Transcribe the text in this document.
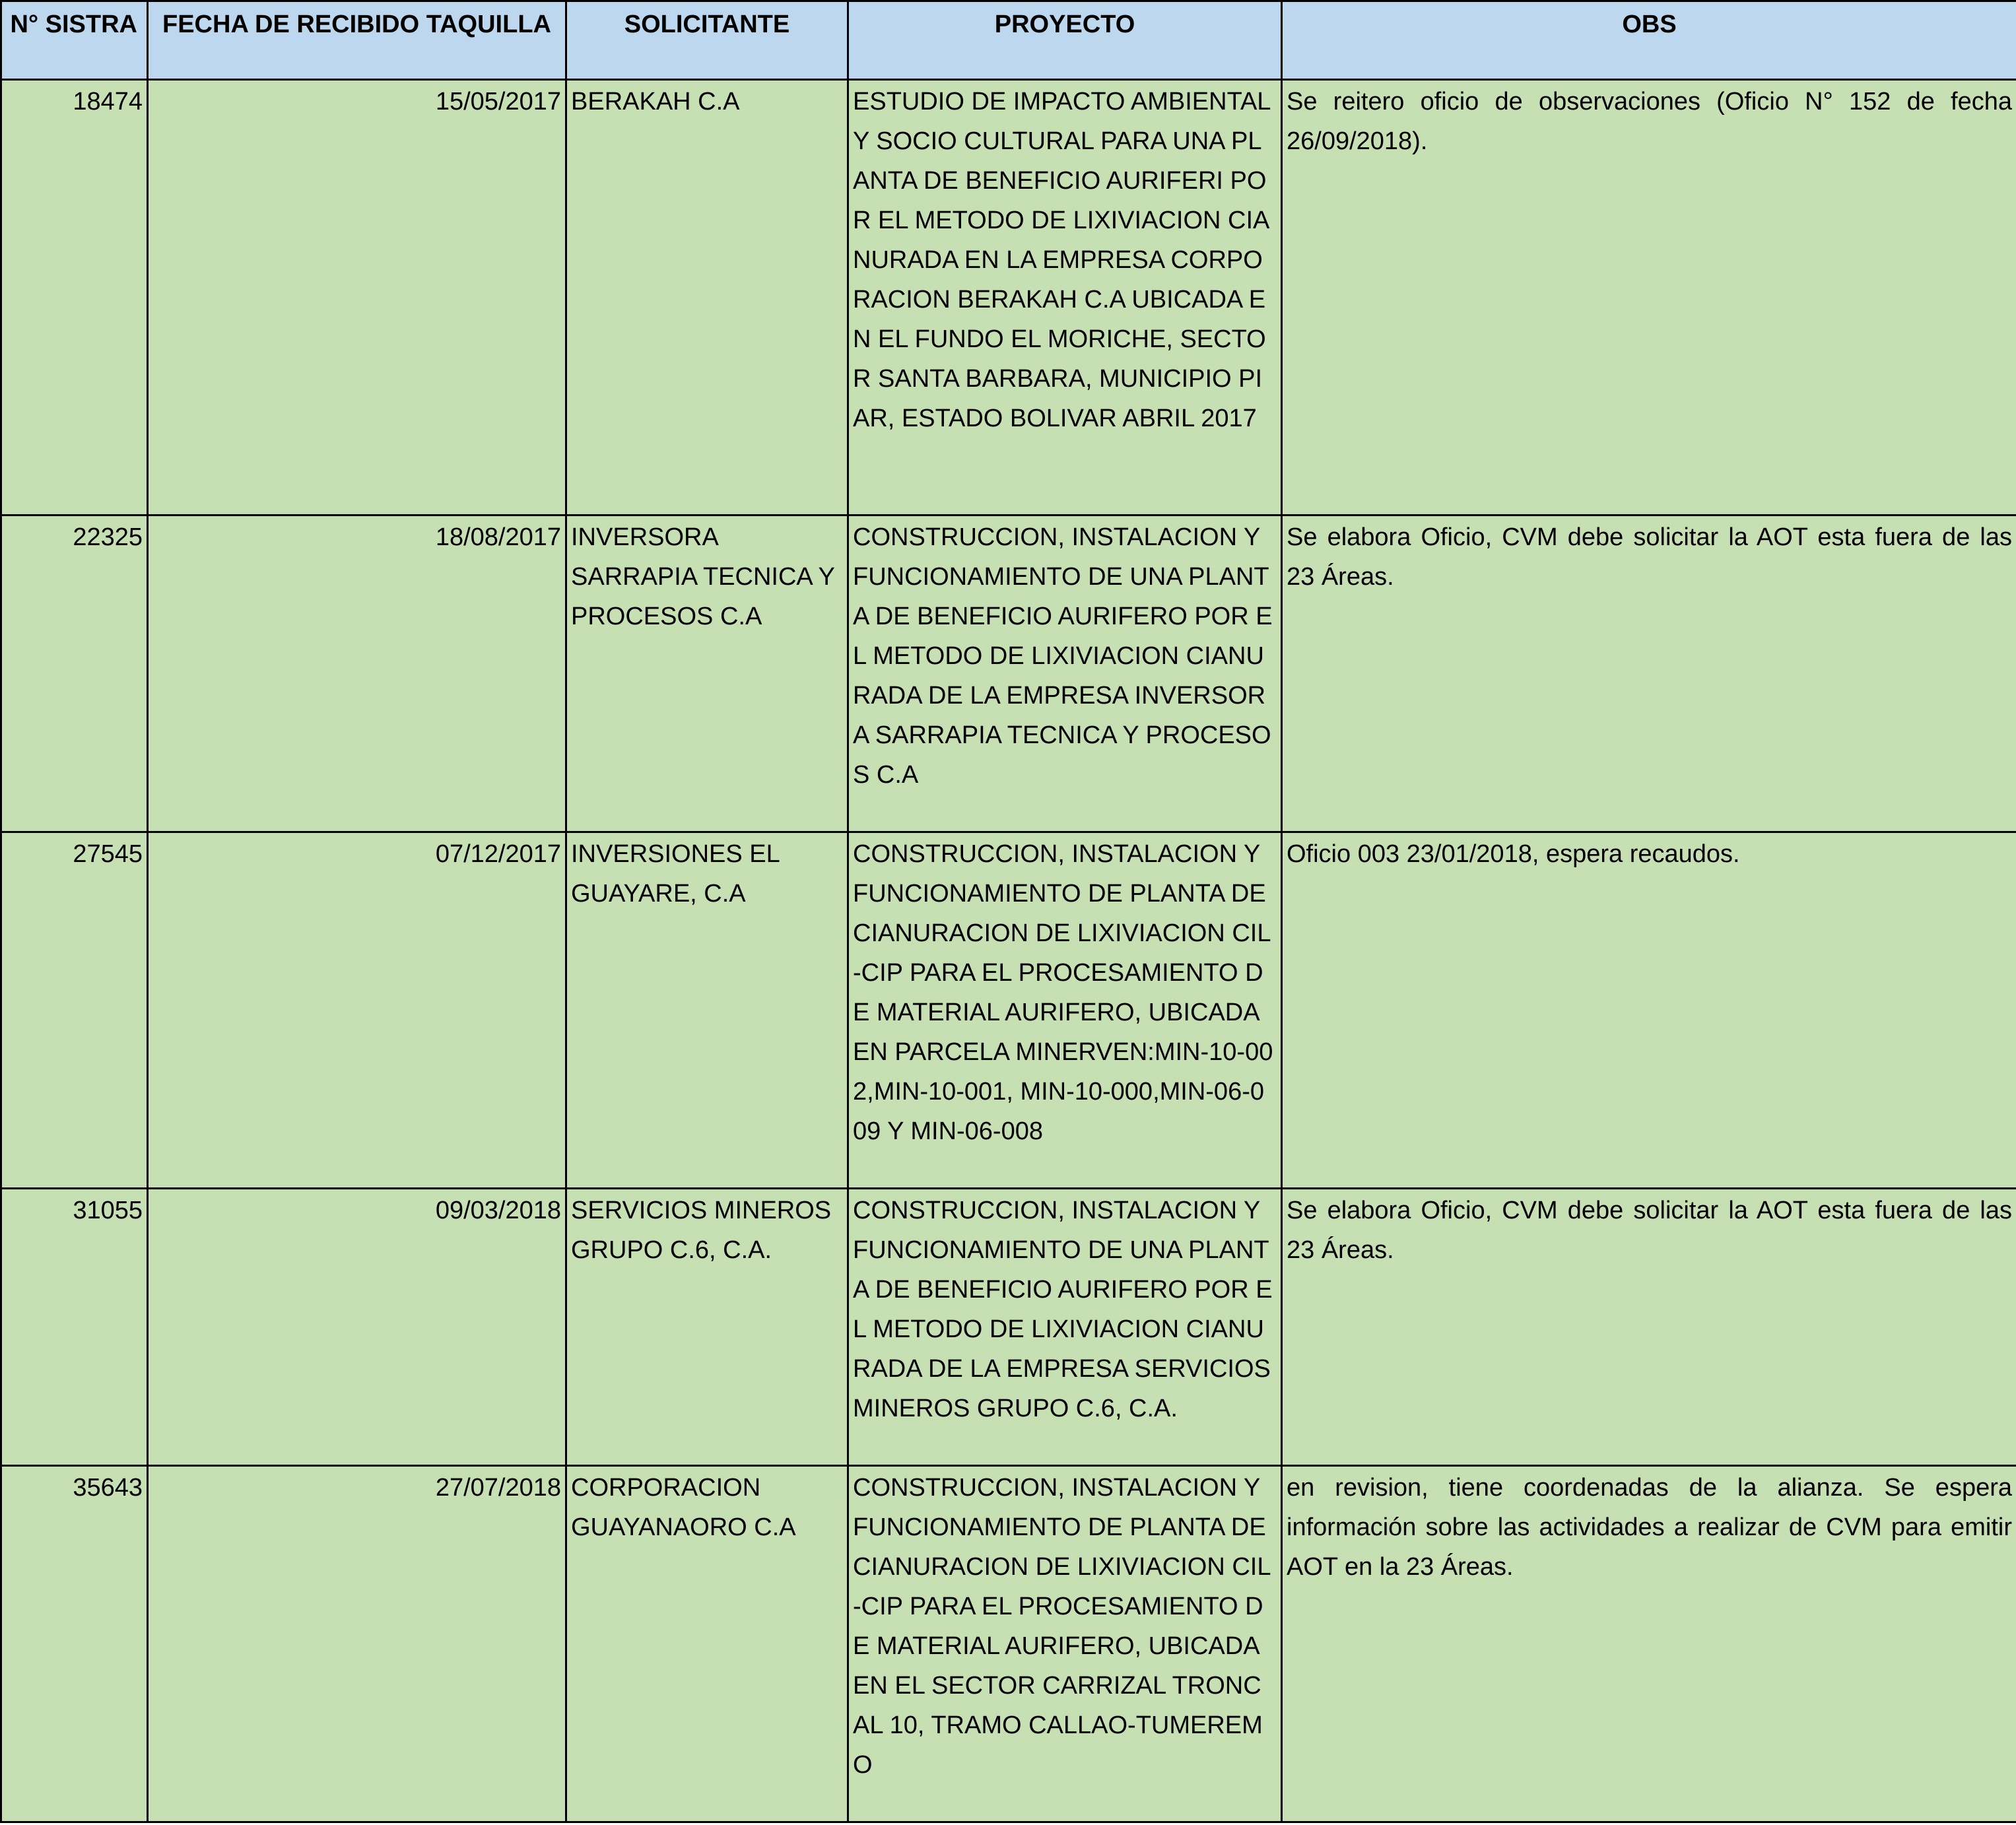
N° SISTRA	FECHA DE RECIBIDO TAQUILLA	SOLICITANTE	PROYECTO	OBS
18474	15/05/2017	BERAKAH C.A	ESTUDIO DE IMPACTO AMBIENTAL Y SOCIO CULTURAL PARA UNA PLANTA DE BENEFICIO AURIFERI POR EL METODO DE LIXIVIACION CIANURADA EN LA EMPRESA CORPORACION BERAKAH C.A UBICADA EN EL FUNDO EL MORICHE, SECTOR SANTA BARBARA, MUNICIPIO PIAR, ESTADO BOLIVAR ABRIL 2017	Se reitero oficio de observaciones (Oficio N° 152 de fecha 26/09/2018).
22325	18/08/2017	INVERSORA SARRAPIA TECNICA Y PROCESOS C.A	CONSTRUCCION, INSTALACION Y FUNCIONAMIENTO DE UNA PLANTA DE BENEFICIO AURIFERO POR EL METODO DE LIXIVIACION CIANURADA DE LA EMPRESA INVERSORA SARRAPIA TECNICA Y PROCESOS C.A	Se elabora Oficio, CVM debe solicitar la AOT esta fuera de las 23 Áreas.
27545	07/12/2017	INVERSIONES EL GUAYARE, C.A	CONSTRUCCION, INSTALACION Y FUNCIONAMIENTO DE PLANTA DE CIANURACION DE LIXIVIACION CIL-CIP PARA EL PROCESAMIENTO DE MATERIAL AURIFERO, UBICADA EN PARCELA MINERVEN:MIN-10-002,MIN-10-001, MIN-10-000,MIN-06-009 Y MIN-06-008	Oficio 003 23/01/2018, espera recaudos.
31055	09/03/2018	SERVICIOS MINEROS GRUPO C.6, C.A.	CONSTRUCCION, INSTALACION Y FUNCIONAMIENTO DE UNA PLANTA DE BENEFICIO AURIFERO POR EL METODO DE LIXIVIACION CIANURADA DE LA EMPRESA SERVICIOS MINEROS GRUPO C.6, C.A.	Se elabora Oficio, CVM debe solicitar la AOT esta fuera de las 23 Áreas.
35643	27/07/2018	CORPORACION GUAYANAORO C.A	CONSTRUCCION, INSTALACION Y FUNCIONAMIENTO DE PLANTA DE CIANURACION DE LIXIVIACION CIL-CIP PARA EL PROCESAMIENTO DE MATERIAL AURIFERO, UBICADA EN EL SECTOR CARRIZAL TRONCAL 10, TRAMO CALLAO-TUMEREMO	en revision, tiene coordenadas de la alianza. Se espera información sobre las actividades a realizar de CVM para emitir AOT en la 23 Áreas.
